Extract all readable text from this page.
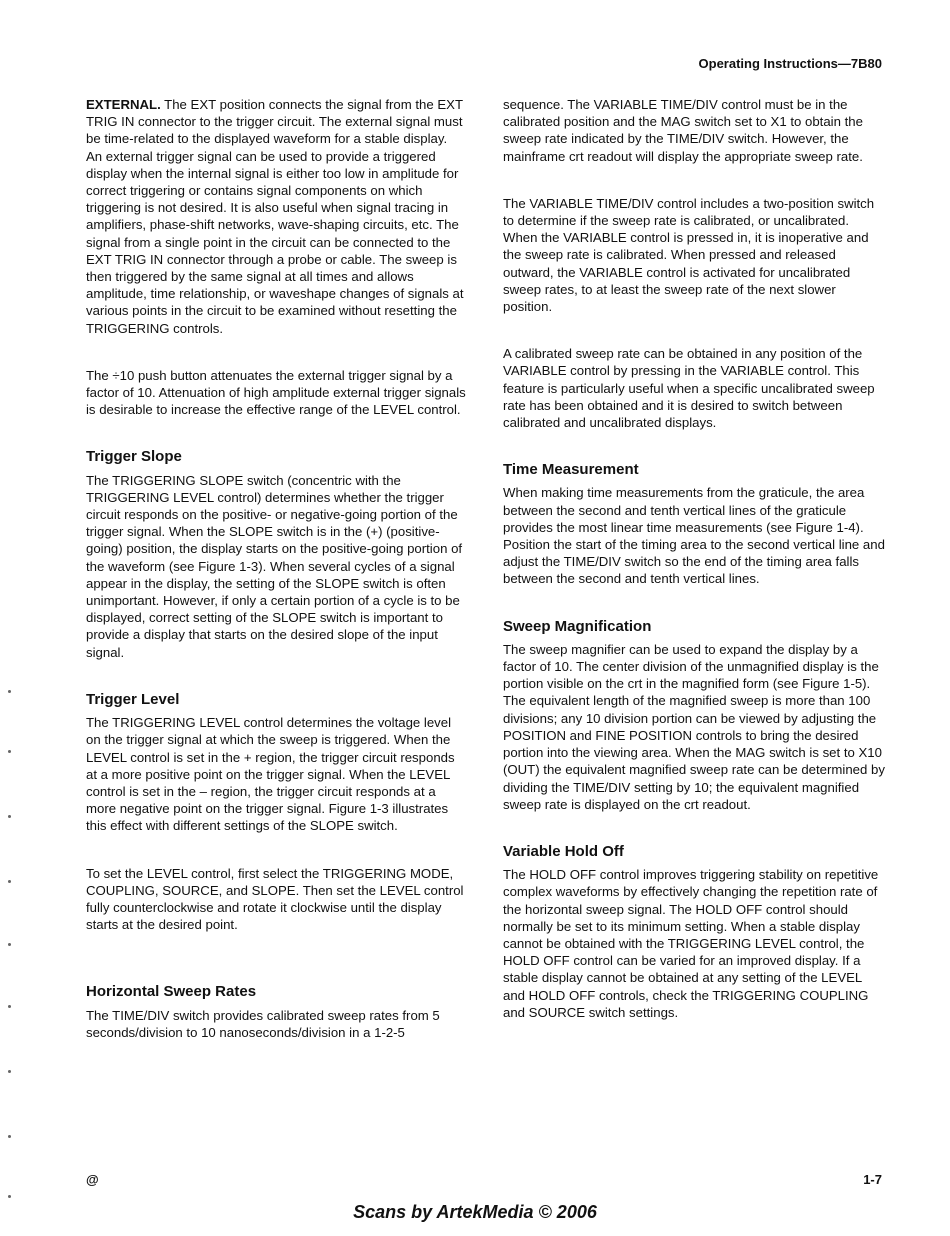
Operating Instructions—7B80

EXTERNAL. The EXT position connects the signal from the EXT TRIG IN connector to the trigger circuit. The external signal must be time-related to the displayed waveform for a stable display. An external trigger signal can be used to provide a triggered display when the internal signal is either too low in amplitude for correct triggering or contains signal components on which triggering is not desired. It is also useful when signal tracing in amplifiers, phase-shift networks, wave-shaping circuits, etc. The signal from a single point in the circuit can be connected to the EXT TRIG IN connector through a probe or cable. The sweep is then triggered by the same signal at all times and allows amplitude, time relationship, or waveshape changes of signals at various points in the circuit to be examined without resetting the TRIGGERING controls.

The ÷10 push button attenuates the external trigger signal by a factor of 10. Attenuation of high amplitude external trigger signals is desirable to increase the effective range of the LEVEL control.

Trigger Slope

The TRIGGERING SLOPE switch (concentric with the TRIGGERING LEVEL control) determines whether the trigger circuit responds on the positive- or negative-going portion of the trigger signal. When the SLOPE switch is in the (+) (positive-going) position, the display starts on the positive-going portion of the waveform (see Figure 1-3). When several cycles of a signal appear in the display, the setting of the SLOPE switch is often unimportant. However, if only a certain portion of a cycle is to be displayed, correct setting of the SLOPE switch is important to provide a display that starts on the desired slope of the input signal.

Trigger Level

The TRIGGERING LEVEL control determines the voltage level on the trigger signal at which the sweep is triggered. When the LEVEL control is set in the + region, the trigger circuit responds at a more positive point on the trigger signal. When the LEVEL control is set in the – region, the trigger circuit responds at a more negative point on the trigger signal. Figure 1-3 illustrates this effect with different settings of the SLOPE switch.

To set the LEVEL control, first select the TRIGGERING MODE, COUPLING, SOURCE, and SLOPE. Then set the LEVEL control fully counterclockwise and rotate it clockwise until the display starts at the desired point.

Horizontal Sweep Rates

The TIME/DIV switch provides calibrated sweep rates from 5 seconds/division to 10 nanoseconds/division in a 1-2-5

sequence. The VARIABLE TIME/DIV control must be in the calibrated position and the MAG switch set to X1 to obtain the sweep rate indicated by the TIME/DIV switch. However, the mainframe crt readout will display the appropriate sweep rate.

The VARIABLE TIME/DIV control includes a two-position switch to determine if the sweep rate is calibrated, or uncalibrated. When the VARIABLE control is pressed in, it is inoperative and the sweep rate is calibrated. When pressed and released outward, the VARIABLE control is activated for uncalibrated sweep rates, to at least the sweep rate of the next slower position.

A calibrated sweep rate can be obtained in any position of the VARIABLE control by pressing in the VARIABLE control. This feature is particularly useful when a specific uncalibrated sweep rate has been obtained and it is desired to switch between calibrated and uncalibrated displays.

Time Measurement

When making time measurements from the graticule, the area between the second and tenth vertical lines of the graticule provides the most linear time measurements (see Figure 1-4). Position the start of the timing area to the second vertical line and adjust the TIME/DIV switch so the end of the timing area falls between the second and tenth vertical lines.

Sweep Magnification

The sweep magnifier can be used to expand the display by a factor of 10. The center division of the unmagnified display is the portion visible on the crt in the magnified form (see Figure 1-5). The equivalent length of the magnified sweep is more than 100 divisions; any 10 division portion can be viewed by adjusting the POSITION and FINE POSITION controls to bring the desired portion into the viewing area. When the MAG switch is set to X10 (OUT) the equivalent magnified sweep rate can be determined by dividing the TIME/DIV setting by 10; the equivalent magnified sweep rate is displayed on the crt readout.

Variable Hold Off

The HOLD OFF control improves triggering stability on repetitive complex waveforms by effectively changing the repetition rate of the horizontal sweep signal. The HOLD OFF control should normally be set to its minimum setting. When a stable display cannot be obtained with the TRIGGERING LEVEL control, the HOLD OFF control can be varied for an improved display. If a stable display cannot be obtained at any setting of the LEVEL and HOLD OFF controls, check the TRIGGERING COUPLING and SOURCE switch settings.

@	1-7
Scans by ArtekMedia © 2006
